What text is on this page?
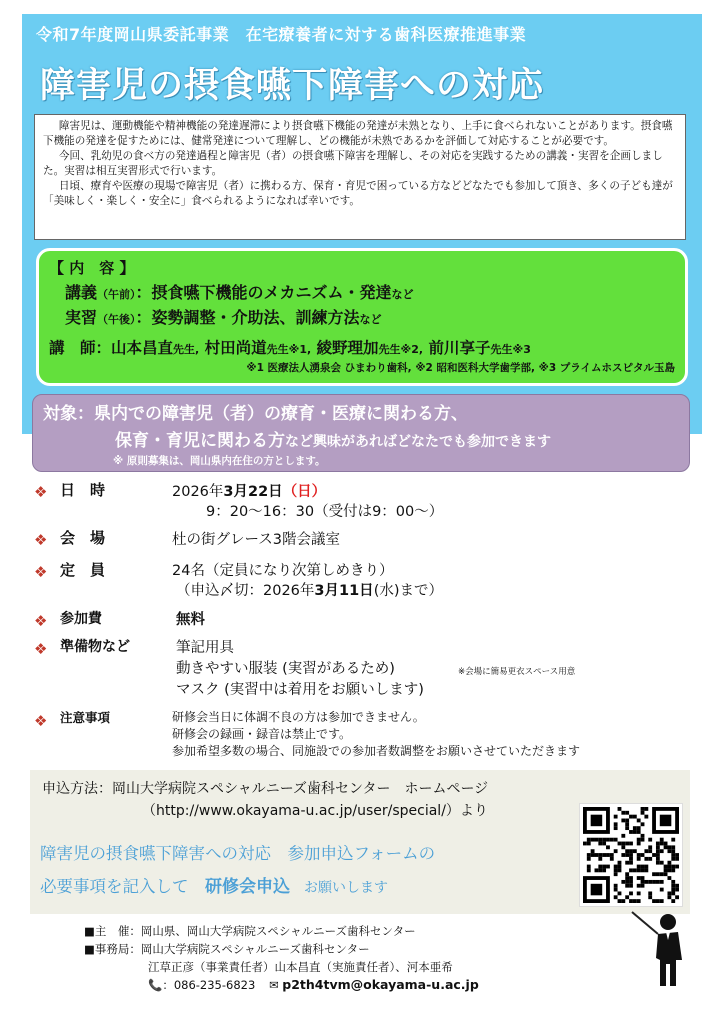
令和7年度岡山県委託事業　在宅療養者に対する歯科医療推進事業
障害児の摂食嚥下障害への対応

障害児は、運動機能や精神機能の発達遅滞により摂食嚥下機能の発達が未熟となり、上手に食べられないことがあります。摂食嚥下機能の発達を促すためには、健常発達について理解し、どの機能が未熟であるかを評価して対応することが必要です。

今回、乳幼児の食べ方の発達過程と障害児（者）の摂食嚥下障害を理解し、その対応を実践するための講義・実習を企画しました。実習は相互実習形式で行います。

日頃、療育や医療の現場で障害児（者）に携わる方、保育・育児で困っている方などどなたでも参加して頂き、多くの子ども達が「美味しく・楽しく・安全に」食べられるようになれば幸いです。

【 内　容 】
講義（午前）：摂食嚥下機能のメカニズム・発達など
実習（午後）：姿勢調整・介助法、訓練方法など
講　師：山本昌直先生, 村田尚道先生※1, 綾野理加先生※2, 前川享子先生※3
※1 医療法人湧泉会 ひまわり歯科, ※2 昭和医科大学歯学部, ※3 プライムホスピタル玉島
対象：県内での障害児（者）の療育・医療に関わる方、
保育・育児に関わる方など興味があればどなたでも参加できます
※ 原則募集は、岡山県内在住の方とします。
❖ 日　時	2026年3月22日（日）
9：20～16：30（受付は9：00～）
❖ 会　場	杜の街グレース3階会議室
❖ 定　員	24名（定員になり次第しめきり）
（申込〆切：2026年3月11日(水)まで）
❖ 参加費	無料
❖ 準備物など	筆記用具
動きやすい服装 (実習があるため)	※会場に簡易更衣スペース用意
マスク (実習中は着用をお願いします)
❖ 注意事項	研修会当日に体調不良の方は参加できません。
研修会の録画・録音は禁止です。
参加希望多数の場合、同施設での参加者数調整をお願いさせていただきます
申込方法：岡山大学病院スペシャルニーズ歯科センター　ホームページ
（http://www.okayama-u.ac.jp/user/special/）より
障害児の摂食嚥下障害への対応　参加申込フォームの
必要事項を記入して　研修会申込　お願いします
■主　催：岡山県、岡山大学病院スペシャルニーズ歯科センター
■事務局：岡山大学病院スペシャルニーズ歯科センター
江草正彦（事業責任者）山本昌直（実施責任者）、河本亜希
📞：086-235-6823 ✉ p2th4tvm@okayama-u.ac.jp
